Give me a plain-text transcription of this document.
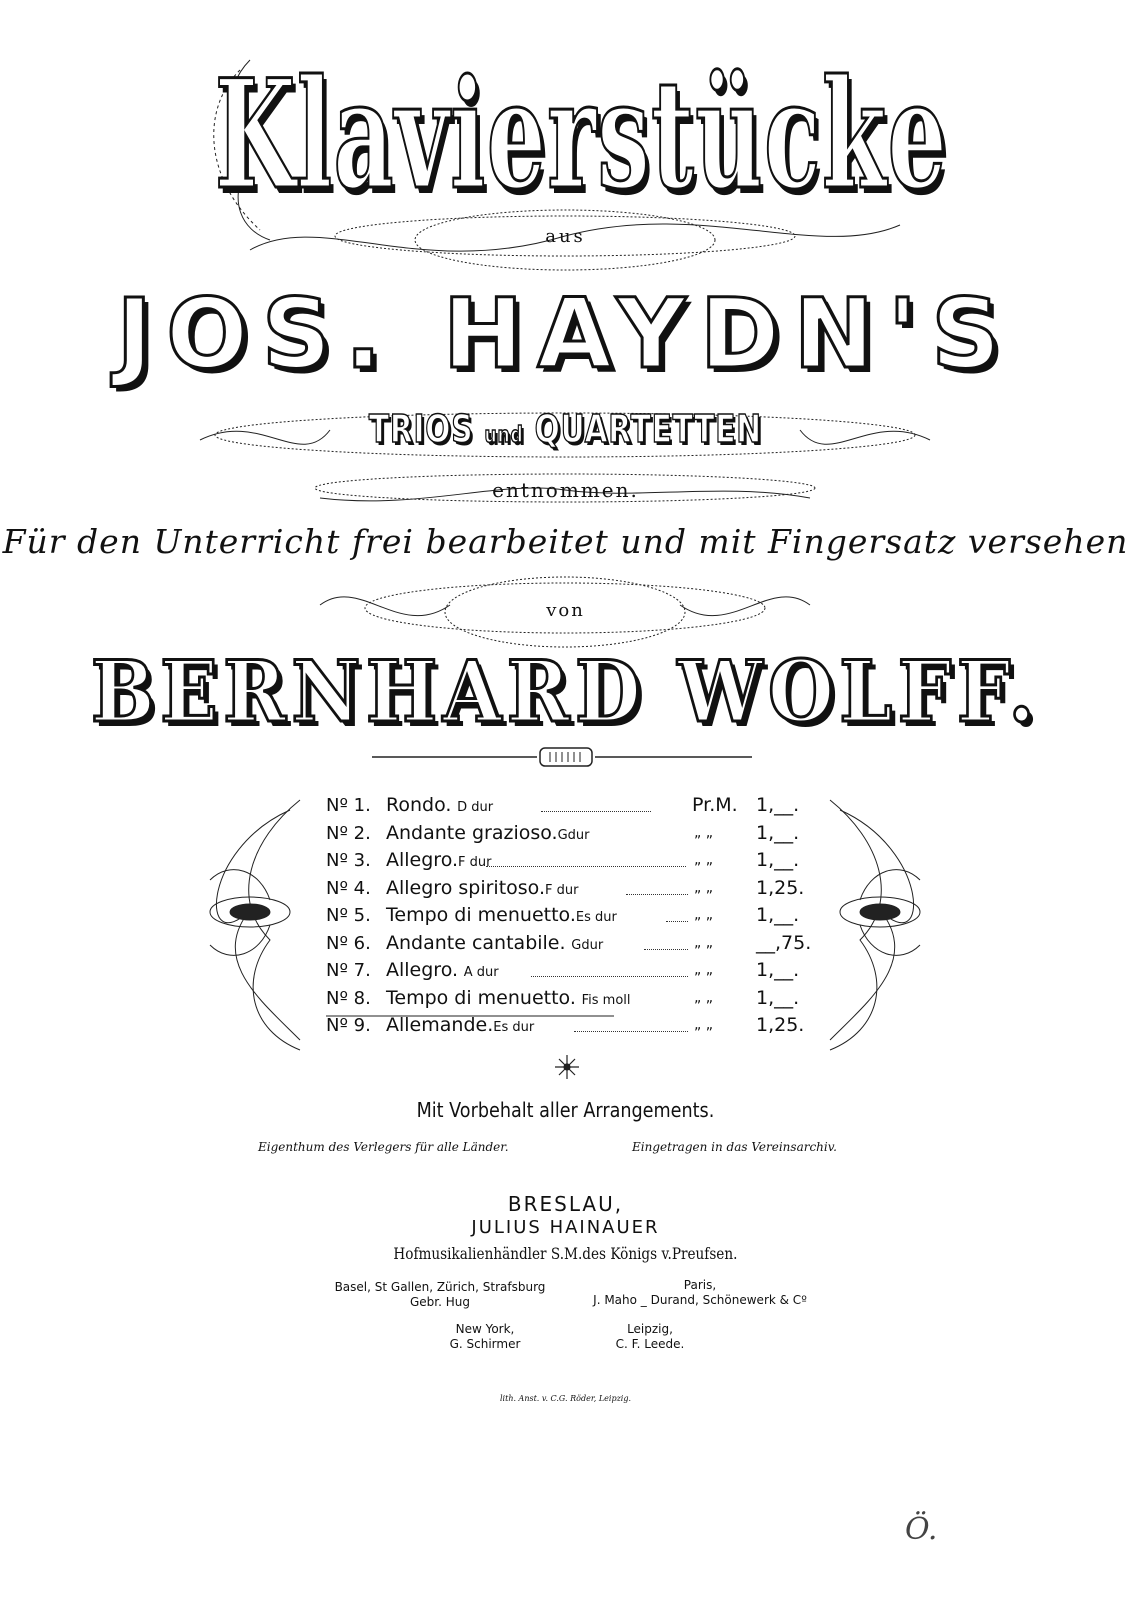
Klavierstücke
aus
JOS. HAYDN'S
TRIOS und QUARTETTEN
entnommen.
Für den Unterricht frei bearbeitet und mit Fingersatz versehen
von
BERNHARD WOLFF.
Nº 1. Rondo. D dur	Pr.M. 1,__.
Nº 2. Andante grazioso.Gdur	„ „ 1,__.
Nº 3. Allegro.F dur	„ „ 1,__.
Nº 4. Allegro spiritoso.F dur	„ „ 1,25.
Nº 5. Tempo di menuetto.Es dur	„ „ 1,__.
Nº 6. Andante cantabile. Gdur	„ „ __,75.
Nº 7. Allegro. A dur	„ „ 1,__.
Nº 8. Tempo di menuetto. Fis moll	„ „ 1,__.
Nº 9. Allemande.Es dur	„ „ 1,25.
Mit Vorbehalt aller Arrangements.
Eigenthum des Verlegers für alle Länder.	Eingetragen in das Vereinsarchiv.
BRESLAU,
JULIUS HAINAUER
Hofmusikalienhändler S.M.des Königs v.Preufsen.
Basel, St Gallen, Zürich, Strafsburg
Gebr. Hug
Paris,
J. Maho _ Durand, Schönewerk & Cº
New York,
G. Schirmer
Leipzig,
C. F. Leede.
lith. Anst. v. C.G. Röder, Leipzig.
Ö.
